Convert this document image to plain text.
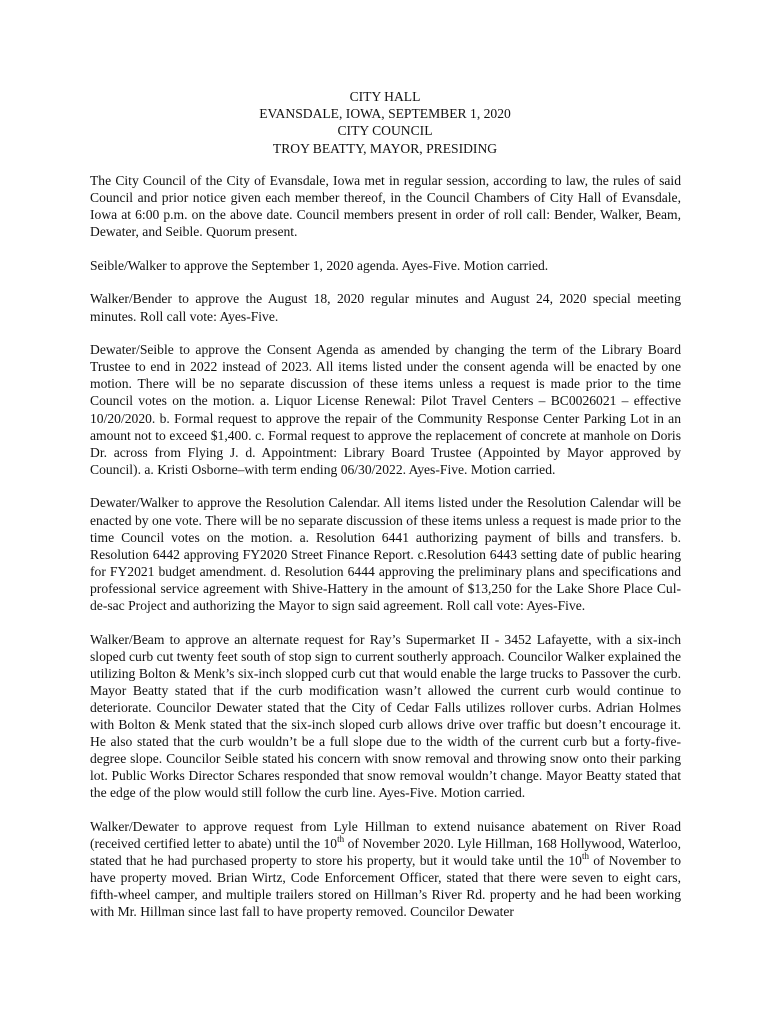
CITY HALL
EVANSDALE, IOWA, SEPTEMBER 1, 2020
CITY COUNCIL
TROY BEATTY, MAYOR, PRESIDING

The City Council of the City of Evansdale, Iowa met in regular session, according to law, the rules of said Council and prior notice given each member thereof, in the Council Chambers of City Hall of Evansdale, Iowa at 6:00 p.m. on the above date. Council members present in order of roll call: Bender, Walker, Beam, Dewater, and Seible. Quorum present.

Seible/Walker to approve the September 1, 2020 agenda. Ayes-Five. Motion carried.

Walker/Bender to approve the August 18, 2020 regular minutes and August 24, 2020 special meeting minutes. Roll call vote: Ayes-Five.

Dewater/Seible to approve the Consent Agenda as amended by changing the term of the Library Board Trustee to end in 2022 instead of 2023. All items listed under the consent agenda will be enacted by one motion. There will be no separate discussion of these items unless a request is made prior to the time Council votes on the motion. a. Liquor License Renewal: Pilot Travel Centers – BC0026021 – effective 10/20/2020. b. Formal request to approve the repair of the Community Response Center Parking Lot in an amount not to exceed $1,400. c. Formal request to approve the replacement of concrete at manhole on Doris Dr. across from Flying J. d. Appointment: Library Board Trustee (Appointed by Mayor approved by Council). a. Kristi Osborne–with term ending 06/30/2022. Ayes-Five. Motion carried.

Dewater/Walker to approve the Resolution Calendar. All items listed under the Resolution Calendar will be enacted by one vote. There will be no separate discussion of these items unless a request is made prior to the time Council votes on the motion. a. Resolution 6441 authorizing payment of bills and transfers. b. Resolution 6442 approving FY2020 Street Finance Report. c.Resolution 6443 setting date of public hearing for FY2021 budget amendment. d. Resolution 6444 approving the preliminary plans and specifications and professional service agreement with Shive-Hattery in the amount of $13,250 for the Lake Shore Place Cul-de-sac Project and authorizing the Mayor to sign said agreement. Roll call vote: Ayes-Five.

Walker/Beam to approve an alternate request for Ray’s Supermarket II - 3452 Lafayette, with a six-inch sloped curb cut twenty feet south of stop sign to current southerly approach. Councilor Walker explained the utilizing Bolton & Menk’s six-inch slopped curb cut that would enable the large trucks to Passover the curb. Mayor Beatty stated that if the curb modification wasn’t allowed the current curb would continue to deteriorate. Councilor Dewater stated that the City of Cedar Falls utilizes rollover curbs. Adrian Holmes with Bolton & Menk stated that the six-inch sloped curb allows drive over traffic but doesn’t encourage it. He also stated that the curb wouldn’t be a full slope due to the width of the current curb but a forty-five-degree slope. Councilor Seible stated his concern with snow removal and throwing snow onto their parking lot. Public Works Director Schares responded that snow removal wouldn’t change. Mayor Beatty stated that the edge of the plow would still follow the curb line. Ayes-Five. Motion carried.

Walker/Dewater to approve request from Lyle Hillman to extend nuisance abatement on River Road (received certified letter to abate) until the 10th of November 2020. Lyle Hillman, 168 Hollywood, Waterloo, stated that he had purchased property to store his property, but it would take until the 10th of November to have property moved. Brian Wirtz, Code Enforcement Officer, stated that there were seven to eight cars, fifth-wheel camper, and multiple trailers stored on Hillman’s River Rd. property and he had been working with Mr. Hillman since last fall to have property removed. Councilor Dewater
